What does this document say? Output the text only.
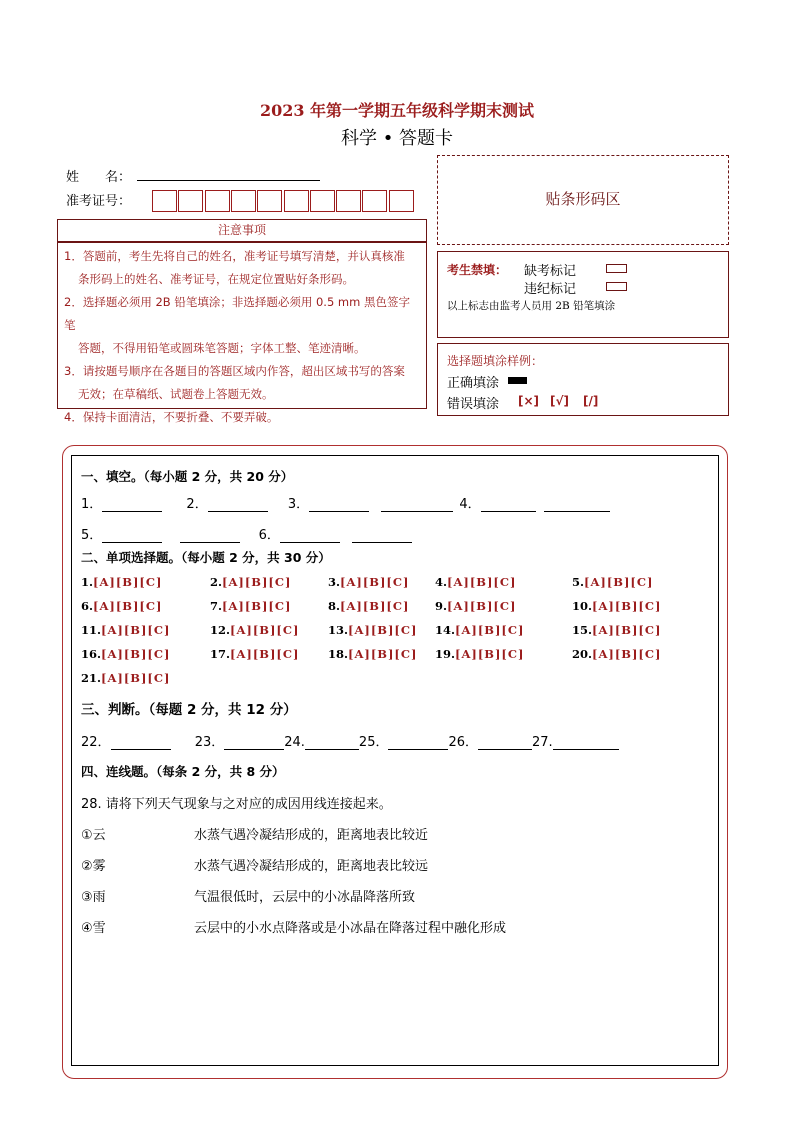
2023 年第一学期五年级科学期末测试
科学 • 答题卡
姓　　名：
准考证号：
注意事项

1．答题前，考生先将自己的姓名，准考证号填写清楚，并认真核准

条形码上的姓名、准考证号，在规定位置贴好条形码。

2．选择题必须用 2B 铅笔填涂；非选择题必须用 0.5 mm 黑色签字笔

答题，不得用铅笔或圆珠笔答题；字体工整、笔迹清晰。

3．请按题号顺序在各题目的答题区域内作答，超出区域书写的答案

无效；在草稿纸、试题卷上答题无效。

4．保持卡面清洁，不要折叠、不要弄破。

贴条形码区
考生禁填： 缺考标记
违纪标记
以上标志由监考人员用 2B 铅笔填涂
选择题填涂样例：
正确填涂
错误填涂 [×] [√] [/]
一、填空。（每小题 2 分，共 20 分）
1．	2．	3．	4．
5．	6．
二、单项选择题。（每小题 2 分，共 30 分）
三、判断。（每题 2 分，共 12 分）
22．	23．	24.	25．	26．	27.
四、连线题。（每条 2 分，共 8 分）
28. 请将下列天气现象与之对应的成因用线连接起来。
1.[A][B][C]	2.[A][B][C]	3.[A][B][C] 4.[A][B][C]	5.[A][B][C]
6.[A][B][C]	7.[A][B][C]	8.[A][B][C] 9.[A][B][C]	10.[A][B][C]
11.[A][B][C]	12.[A][B][C] 13.[A][B][C] 14.[A][B][C]	15.[A][B][C]
16.[A][B][C]	17.[A][B][C] 18.[A][B][C] 19.[A][B][C]	20.[A][B][C]
21.[A][B][C]
①云	水蒸气遇冷凝结形成的，距离地表比较近
②雾	水蒸气遇冷凝结形成的，距离地表比较远
③雨	气温很低时，云层中的小冰晶降落所致
④雪	云层中的小水点降落或是小冰晶在降落过程中融化形成
